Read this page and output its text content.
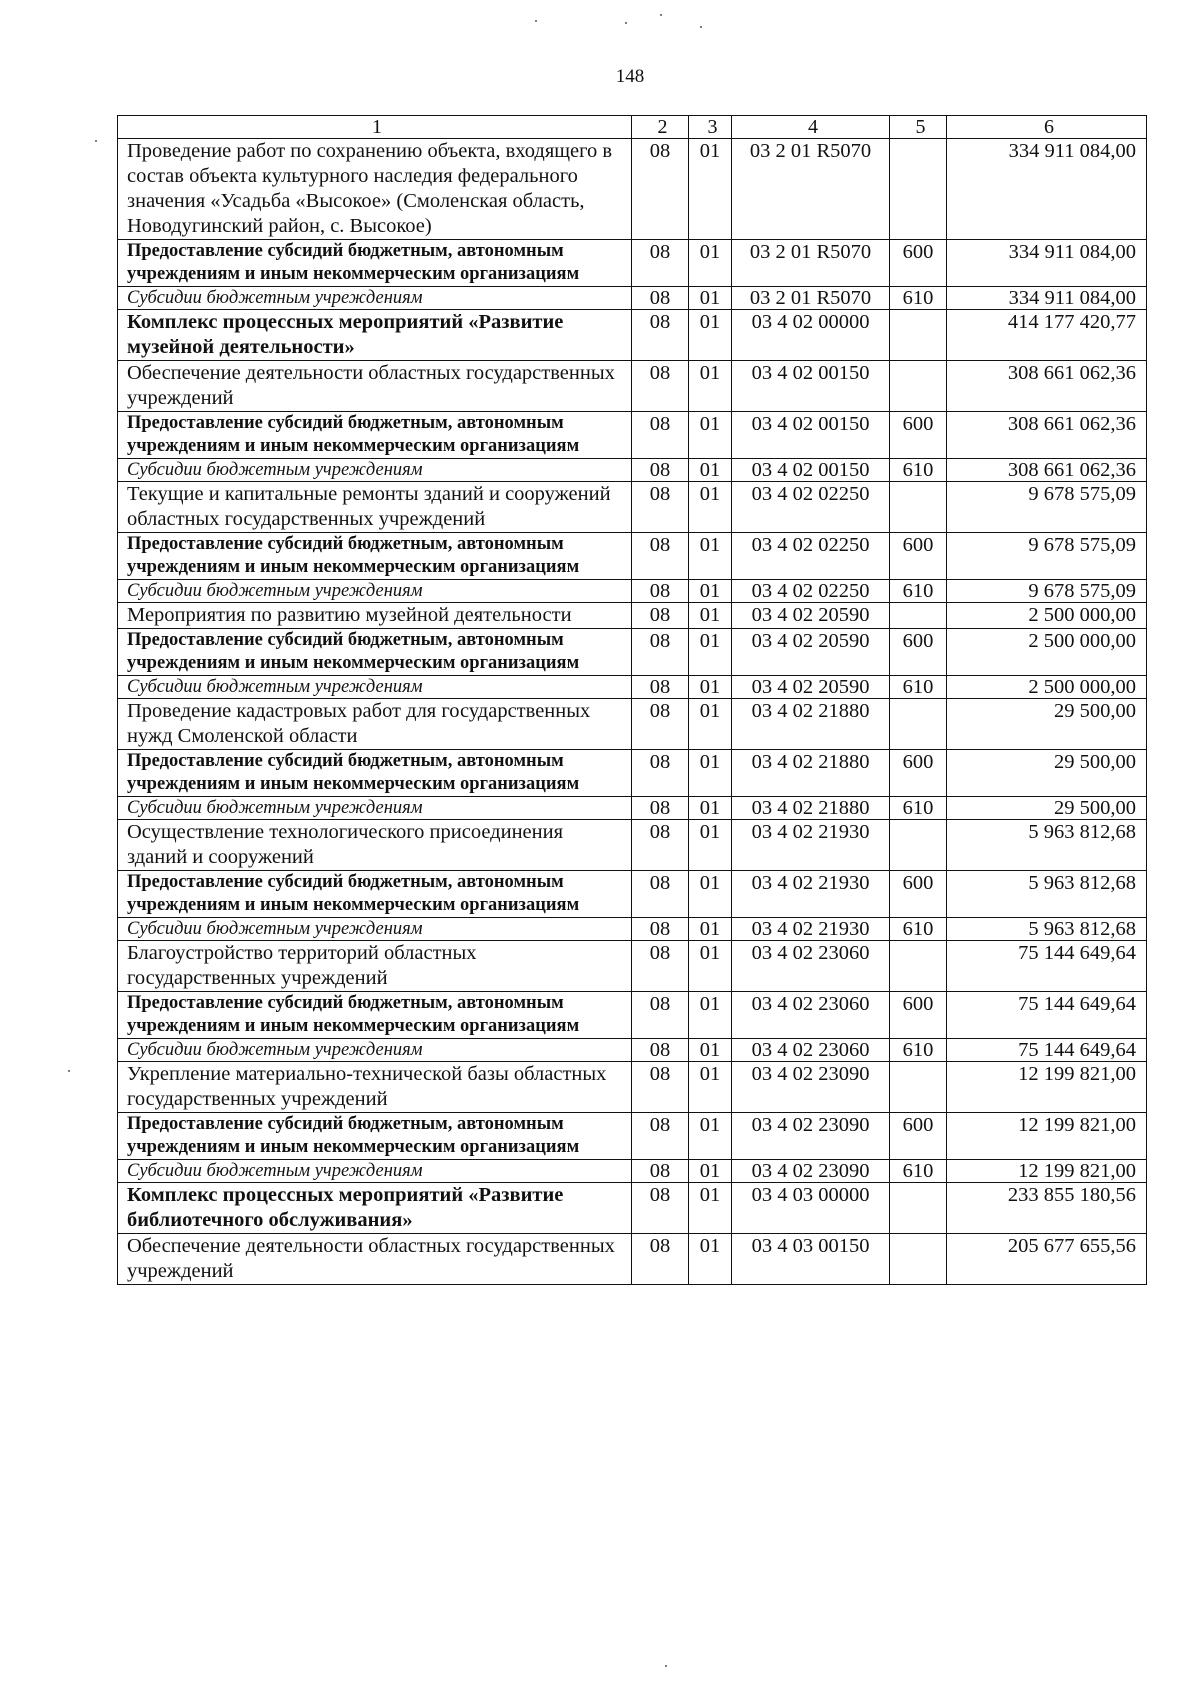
148
1	2	3	4	5	6
Проведение работ по сохранению объекта, входящего в состав объекта культурного наследия федерального значения «Усадьба «Высокое» (Смоленская область, Новодугинский район, с. Высокое)	08	01	03 2 01 R5070		334 911 084,00
Предоставление субсидий бюджетным, автономным учреждениям и иным некоммерческим организациям	08	01	03 2 01 R5070	600	334 911 084,00
Субсидии бюджетным учреждениям	08	01	03 2 01 R5070	610	334 911 084,00
Комплекс процессных мероприятий «Развитие музейной деятельности»	08	01	03 4 02 00000		414 177 420,77
Обеспечение деятельности областных государственных учреждений	08	01	03 4 02 00150		308 661 062,36
Предоставление субсидий бюджетным, автономным учреждениям и иным некоммерческим организациям	08	01	03 4 02 00150	600	308 661 062,36
Субсидии бюджетным учреждениям	08	01	03 4 02 00150	610	308 661 062,36
Текущие и капитальные ремонты зданий и сооружений областных государственных учреждений	08	01	03 4 02 02250		9 678 575,09
Предоставление субсидий бюджетным, автономным учреждениям и иным некоммерческим организациям	08	01	03 4 02 02250	600	9 678 575,09
Субсидии бюджетным учреждениям	08	01	03 4 02 02250	610	9 678 575,09
Мероприятия по развитию музейной деятельности	08	01	03 4 02 20590		2 500 000,00
Предоставление субсидий бюджетным, автономным учреждениям и иным некоммерческим организациям	08	01	03 4 02 20590	600	2 500 000,00
Субсидии бюджетным учреждениям	08	01	03 4 02 20590	610	2 500 000,00
Проведение кадастровых работ для государственных нужд Смоленской области	08	01	03 4 02 21880		29 500,00
Предоставление субсидий бюджетным, автономным учреждениям и иным некоммерческим организациям	08	01	03 4 02 21880	600	29 500,00
Субсидии бюджетным учреждениям	08	01	03 4 02 21880	610	29 500,00
Осуществление технологического присоединения зданий и сооружений	08	01	03 4 02 21930		5 963 812,68
Предоставление субсидий бюджетным, автономным учреждениям и иным некоммерческим организациям	08	01	03 4 02 21930	600	5 963 812,68
Субсидии бюджетным учреждениям	08	01	03 4 02 21930	610	5 963 812,68
Благоустройство территорий областных государственных учреждений	08	01	03 4 02 23060		75 144 649,64
Предоставление субсидий бюджетным, автономным учреждениям и иным некоммерческим организациям	08	01	03 4 02 23060	600	75 144 649,64
Субсидии бюджетным учреждениям	08	01	03 4 02 23060	610	75 144 649,64
Укрепление материально-технической базы областных государственных учреждений	08	01	03 4 02 23090		12 199 821,00
Предоставление субсидий бюджетным, автономным учреждениям и иным некоммерческим организациям	08	01	03 4 02 23090	600	12 199 821,00
Субсидии бюджетным учреждениям	08	01	03 4 02 23090	610	12 199 821,00
Комплекс процессных мероприятий «Развитие библиотечного обслуживания»	08	01	03 4 03 00000		233 855 180,56
Обеспечение деятельности областных государственных учреждений	08	01	03 4 03 00150		205 677 655,56
